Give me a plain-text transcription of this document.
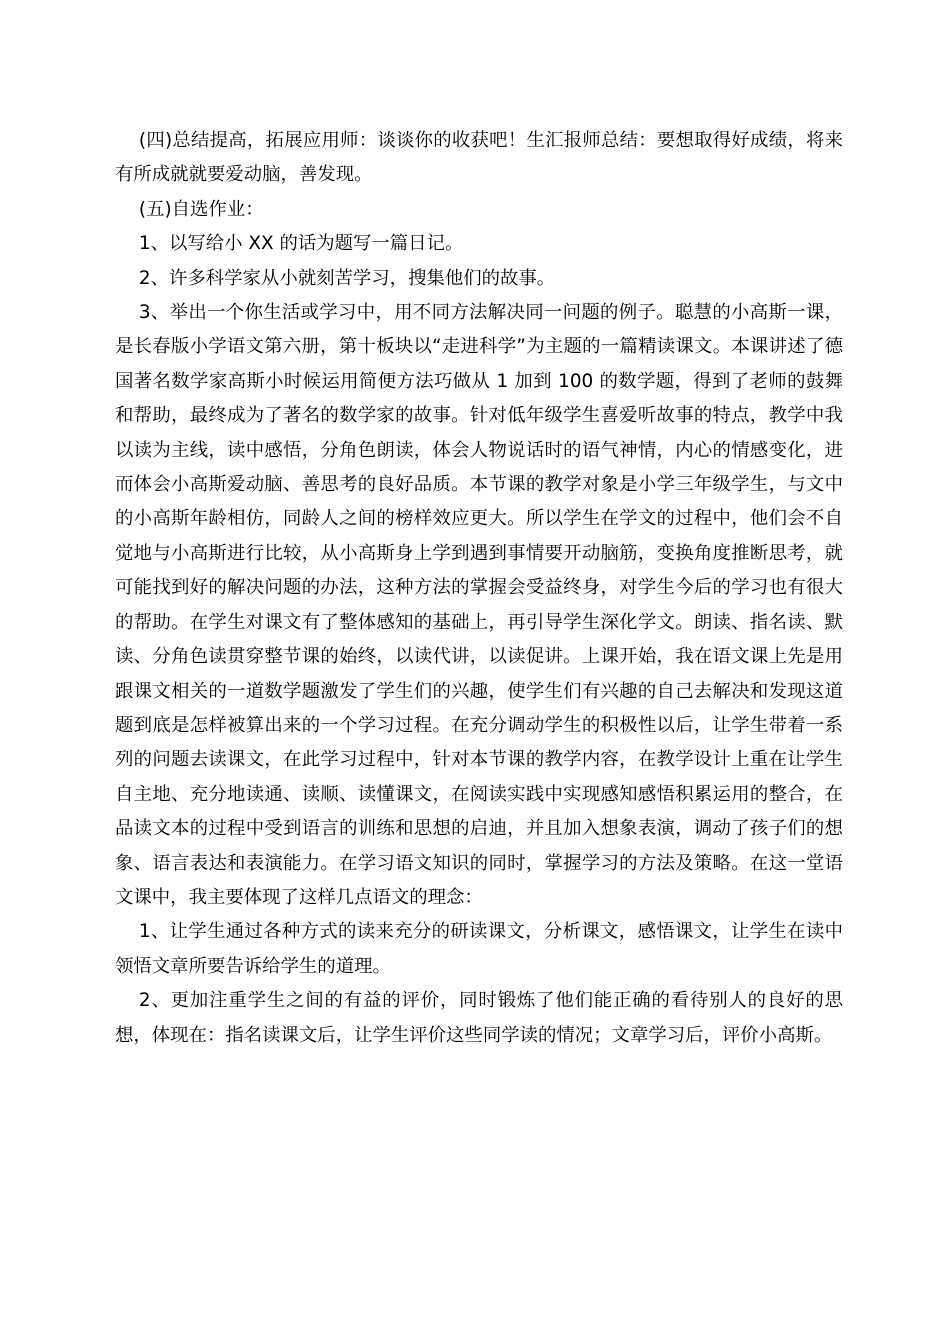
(四)总结提高，拓展应用师：谈谈你的收获吧！生汇报师总结：要想取得好成绩，将来有所成就就要爱动脑，善发现。

(五)自选作业：

1、以写给小 XX 的话为题写一篇日记。

2、许多科学家从小就刻苦学习，搜集他们的故事。

3、举出一个你生活或学习中，用不同方法解决同一问题的例子。聪慧的小高斯一课，是长春版小学语文第六册，第十板块以“走进科学”为主题的一篇精读课文。本课讲述了德国著名数学家高斯小时候运用简便方法巧做从 1 加到 100 的数学题，得到了老师的鼓舞和帮助，最终成为了著名的数学家的故事。针对低年级学生喜爱听故事的特点，教学中我以读为主线，读中感悟，分角色朗读，体会人物说话时的语气神情，内心的情感变化，进而体会小高斯爱动脑、善思考的良好品质。本节课的教学对象是小学三年级学生，与文中的小高斯年龄相仿，同龄人之间的榜样效应更大。所以学生在学文的过程中，他们会不自觉地与小高斯进行比较，从小高斯身上学到遇到事情要开动脑筋，变换角度推断思考，就可能找到好的解决问题的办法，这种方法的掌握会受益终身，对学生今后的学习也有很大的帮助。在学生对课文有了整体感知的基础上，再引导学生深化学文。朗读、指名读、默读、分角色读贯穿整节课的始终，以读代讲，以读促讲。上课开始，我在语文课上先是用跟课文相关的一道数学题激发了学生们的兴趣，使学生们有兴趣的自己去解决和发现这道题到底是怎样被算出来的一个学习过程。在充分调动学生的积极性以后，让学生带着一系列的问题去读课文，在此学习过程中，针对本节课的教学内容，在教学设计上重在让学生自主地、充分地读通、读顺、读懂课文，在阅读实践中实现感知感悟积累运用的整合，在品读文本的过程中受到语言的训练和思想的启迪，并且加入想象表演，调动了孩子们的想象、语言表达和表演能力。在学习语文知识的同时，掌握学习的方法及策略。在这一堂语文课中，我主要体现了这样几点语文的理念：

1、让学生通过各种方式的读来充分的研读课文，分析课文，感悟课文，让学生在读中领悟文章所要告诉给学生的道理。

2、更加注重学生之间的有益的评价，同时锻炼了他们能正确的看待别人的良好的思想，体现在：指名读课文后，让学生评价这些同学读的情况；文章学习后，评价小高斯。
